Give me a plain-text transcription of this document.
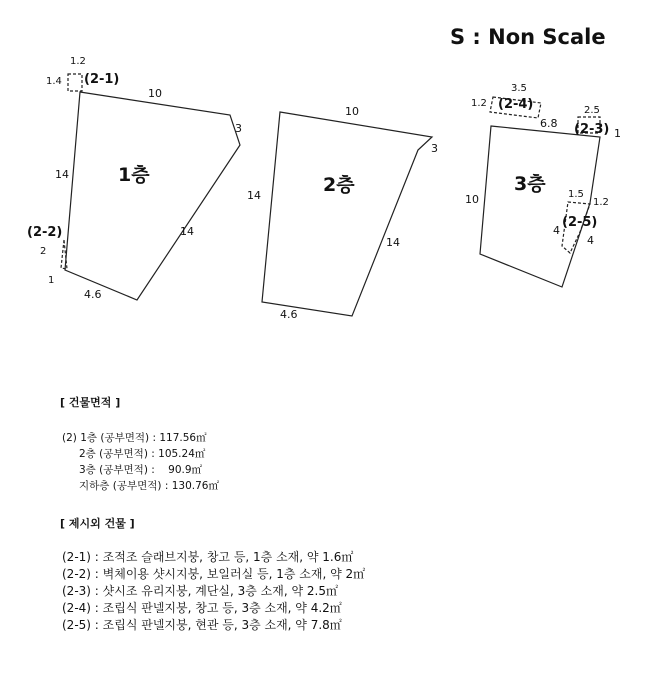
S : Non Scale
1층
10
3
14
14
4.6
1
(2-1)
1.2
1.4
(2-2)
2
2층
10
3
14
14
4.6
3층
6.8
1
1.2
4
10
(2-4)
3.5
1.2
(2-3)
2.5
(2-5)
1.5
4
[ 건물면적 ]
(2) 1층 (공부면적) : 117.56㎡
2층 (공부면적) : 105.24㎡
3층 (공부면적) :    90.9㎡
지하층 (공부면적) : 130.76㎡
[ 제시외 건물 ]
(2-1) : 조적조 슬래브지붕, 창고 등, 1층 소재, 약 1.6㎡
(2-2) : 벽체이용 샷시지붕, 보일러실 등, 1층 소재, 약 2㎡
(2-3) : 샷시조 유리지붕, 계단실, 3층 소재, 약 2.5㎡
(2-4) : 조립식 판넬지붕, 창고 등, 3층 소재, 약 4.2㎡
(2-5) : 조립식 판넬지붕, 현관 등, 3층 소재, 약 7.8㎡
